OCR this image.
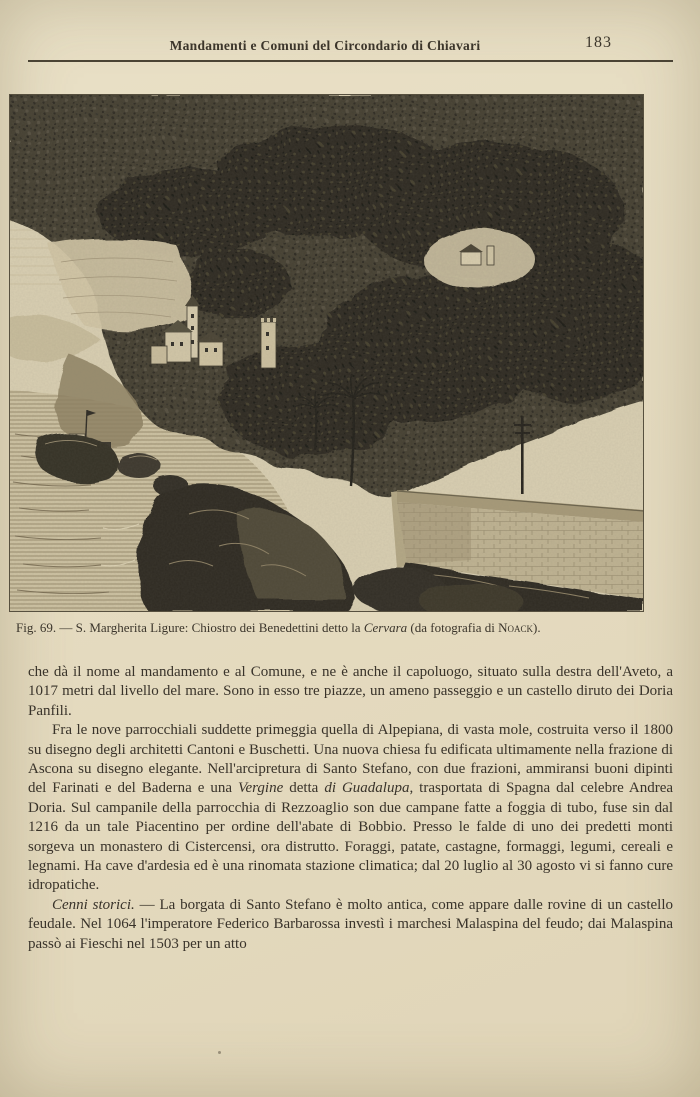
Mandamenti e Comuni del Circondario di Chiavari	183
Fig. 69. — S. Margherita Ligure: Chiostro dei Benedettini detto la Cervara (da fotografia di Noack).

che dà il nome al mandamento e al Comune, e ne è anche il capoluogo, situato sulla destra dell'Aveto, a 1017 metri dal livello del mare. Sono in esso tre piazze, un ameno passeggio e un castello diruto dei Doria Panfili.

Fra le nove parrocchiali suddette primeggia quella di Alpepiana, di vasta mole, costruita verso il 1800 su disegno degli architetti Cantoni e Buschetti. Una nuova chiesa fu edificata ultimamente nella frazione di Ascona su disegno elegante. Nell'arcipretura di Santo Stefano, con due frazioni, ammiransi buoni dipinti del Farinati e del Baderna e una Vergine detta di Guadalupa, trasportata di Spagna dal celebre Andrea Doria. Sul campanile della parrocchia di Rezzoaglio son due campane fatte a foggia di tubo, fuse sin dal 1216 da un tale Piacentino per ordine dell'abate di Bobbio. Presso le falde di uno dei predetti monti sorgeva un monastero di Cistercensi, ora distrutto. Foraggi, patate, castagne, formaggi, legumi, cereali e legnami. Ha cave d'ardesia ed è una rinomata stazione climatica; dal 20 luglio al 30 agosto vi si fanno cure idropatiche.

Cenni storici. — La borgata di Santo Stefano è molto antica, come appare dalle rovine di un castello feudale. Nel 1064 l'imperatore Federico Barbarossa investì i marchesi Malaspina del feudo; dai Malaspina passò ai Fieschi nel 1503 per un atto
